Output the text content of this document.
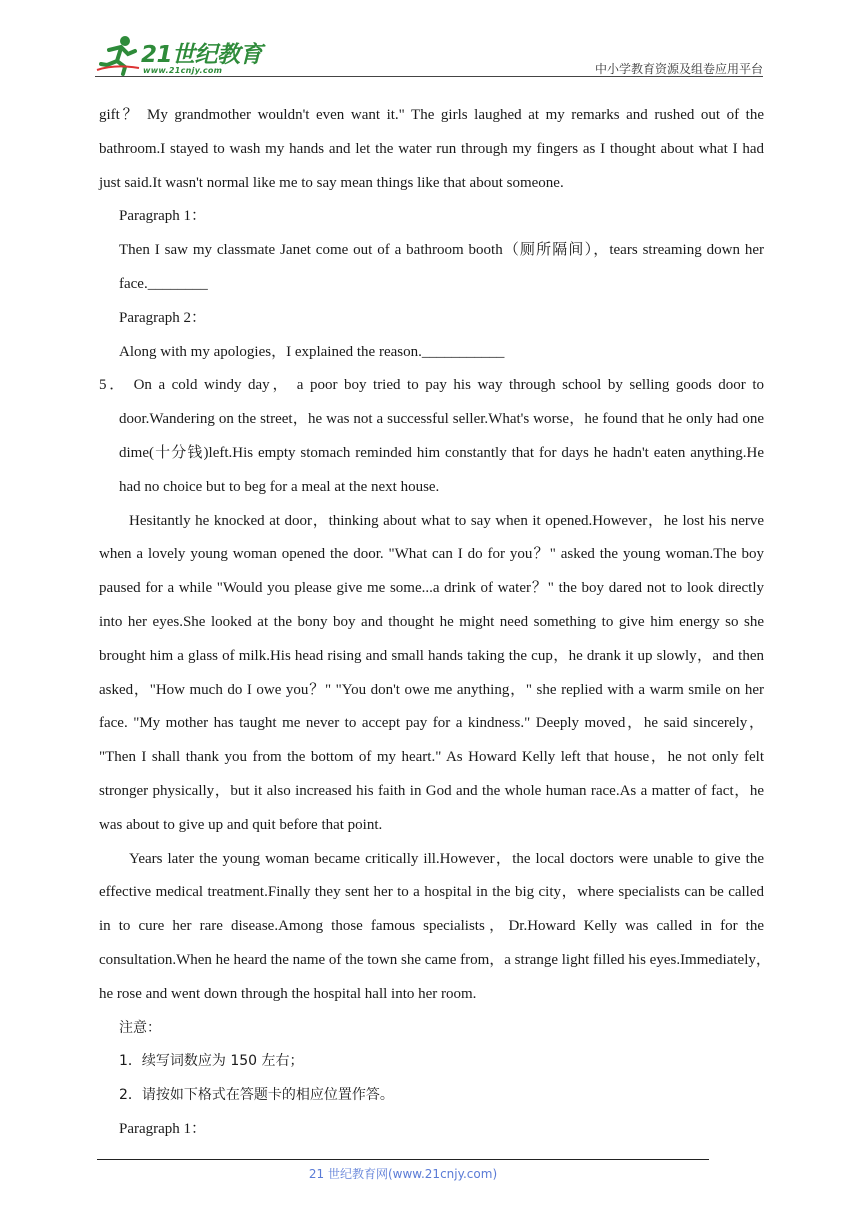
21世纪教育
www.21cnjy.com	中小学教育资源及组卷应用平台
gift？ My grandmother wouldn't even want it." The girls laughed at my remarks and rushed out of the
bathroom.I stayed to wash my hands and let the water run through my fingers as I thought about what I had
just said.It wasn't normal like me to say mean things like that about someone.
Paragraph 1：
Then I saw my classmate Janet come out of a bathroom booth（厕所隔间），tears streaming down her
face.________
Paragraph 2：
Along with my apologies，I explained the reason.___________
5． On a cold windy day， a poor boy tried to pay his way through school by selling goods door to
door.Wandering on the street，he was not a successful seller.What's worse，he found that he only had one
dime(十分钱)left.His empty stomach reminded him constantly that for days he hadn't eaten anything.He
had no choice but to beg for a meal at the next house.
Hesitantly he knocked at door，thinking about what to say when it opened.However，he lost his nerve
when a lovely young woman opened the door. "What can I do for you？" asked the young woman.The boy
paused for a while "Would you please give me some...a drink of water？" the boy dared not to look directly
into her eyes.She looked at the bony boy and thought he might need something to give him energy so she
brought him a glass of milk.His head rising and small hands taking the cup，he drank it up slowly，and then
asked，"How much do I owe you？" "You don't owe me anything，" she replied with a warm smile on her
face. "My mother has taught me never to accept pay for a kindness." Deeply moved，he said sincerely，
"Then I shall thank you from the bottom of my heart." As Howard Kelly left that house，he not only felt
stronger physically，but it also increased his faith in God and the whole human race.As a matter of fact，he
was about to give up and quit before that point.
Years later the young woman became critically ill.However，the local doctors were unable to give the
effective medical treatment.Finally they sent her to a hospital in the big city，where specialists can be called
in to cure her rare disease.Among those famous specialists，Dr.Howard Kelly was called in for the
consultation.When he heard the name of the town she came from，a strange light filled his eyes.Immediately，
he rose and went down through the hospital hall into her room.
注意：
1．续写词数应为 150 左右；
2．请按如下格式在答题卡的相应位置作答。
Paragraph 1：
21 世纪教育网(www.21cnjy.com)
